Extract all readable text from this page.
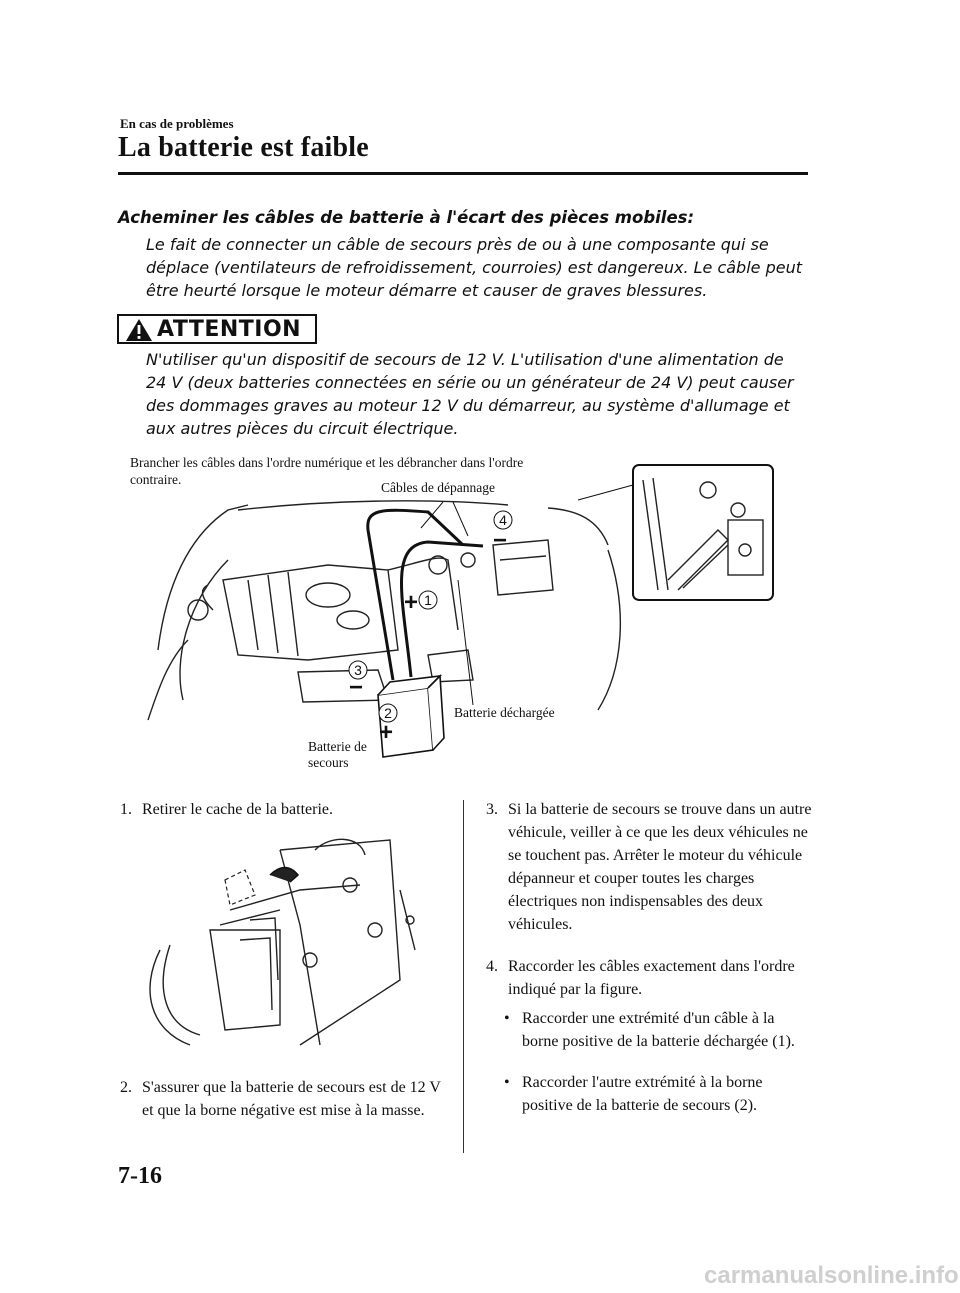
En cas de problèmes
La batterie est faible
Acheminer les câbles de batterie à l'écart des pièces mobiles:
Le fait de connecter un câble de secours près de ou à une composante qui se déplace (ventilateurs de refroidissement, courroies) est dangereux. Le câble peut être heurté lorsque le moteur démarre et causer de graves blessures.
ATTENTION
N'utiliser qu'un dispositif de secours de 12 V. L'utilisation d'une alimentation de 24 V (deux batteries connectées en série ou un générateur de 24 V) peut causer des dommages graves au moteur 12 V du démarreur, au système d'allumage et aux autres pièces du circuit électrique.
4
1
3
2
−
+
−
+
Brancher les câbles dans l'ordre numérique et les débrancher dans l'ordre
contraire.
Câbles de dépannage
Batterie déchargée
Batterie de
secours
1. Retirer le cache de la batterie.
2. S'assurer que la batterie de secours est de 12 V et que la borne négative est mise à la masse.
3. Si la batterie de secours se trouve dans un autre véhicule, veiller à ce que les deux véhicules ne se touchent pas. Arrêter le moteur du véhicule dépanneur et couper toutes les charges électriques non indispensables des deux véhicules.
4. Raccorder les câbles exactement dans l'ordre indiqué par la figure.
• Raccorder une extrémité d'un câble à la borne positive de la batterie déchargée (1).
• Raccorder l'autre extrémité à la borne positive de la batterie de secours (2).
7-16
carmanualsonline.info
